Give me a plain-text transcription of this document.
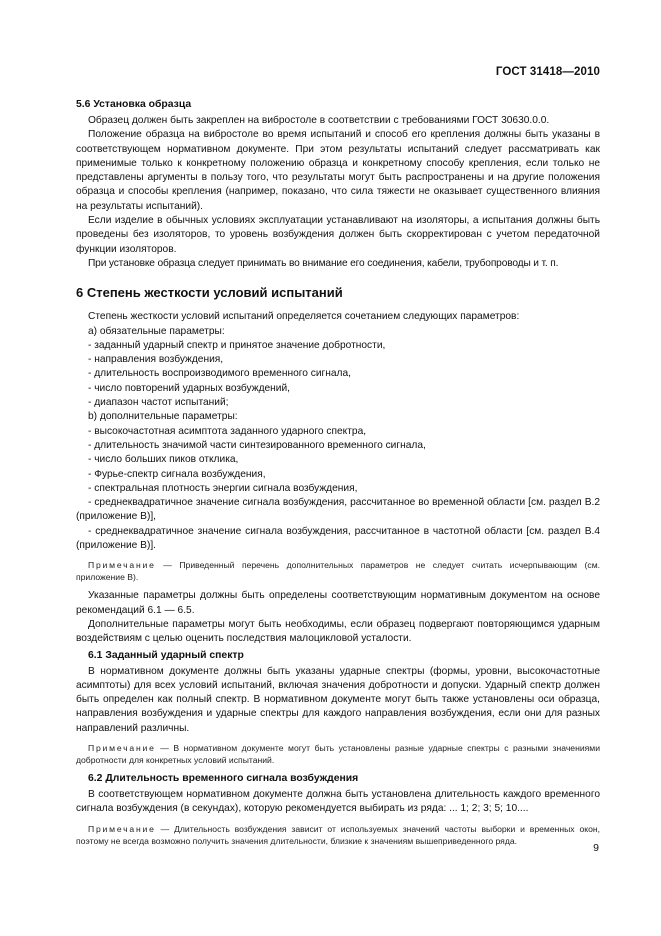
ГОСТ 31418—2010
5.6 Установка образца

Образец должен быть закреплен на вибростоле в соответствии с требованиями ГОСТ 30630.0.0.

Положение образца на вибростоле во время испытаний и способ его крепления должны быть указаны в соответствующем нормативном документе. При этом результаты испытаний следует рассматривать как применимые только к конкретному положению образца и конкретному способу крепления, если только не представлены аргументы в пользу того, что результаты могут быть распространены и на другие положения образца и способы крепления (например, показано, что сила тяжести не оказывает существенного влияния на результаты испытаний).

Если изделие в обычных условиях эксплуатации устанавливают на изоляторы, а испытания должны быть проведены без изоляторов, то уровень возбуждения должен быть скорректирован с учетом передаточной функции изоляторов.

При установке образца следует принимать во внимание его соединения, кабели, трубопроводы и т. п.

6 Степень жесткости условий испытаний

Степень жесткости условий испытаний определяется сочетанием следующих параметров:

а) обязательные параметры:

- заданный ударный спектр и принятое значение добротности,

- направления возбуждения,

- длительность воспроизводимого временного сигнала,

- число повторений ударных возбуждений,

- диапазон частот испытаний;

b) дополнительные параметры:

- высокочастотная асимптота заданного ударного спектра,

- длительность значимой части синтезированного временного сигнала,

- число больших пиков отклика,

- Фурье-спектр сигнала возбуждения,

- спектральная плотность энергии сигнала возбуждения,

- среднеквадратичное значение сигнала возбуждения, рассчитанное во временной области [см. раздел В.2 (приложение В)],

- среднеквадратичное значение сигнала возбуждения, рассчитанное в частотной области [см. раздел В.4 (приложение В)].

Примечание — Приведенный перечень дополнительных параметров не следует считать исчерпывающим (см. приложение В).

Указанные параметры должны быть определены соответствующим нормативным документом на основе рекомендаций 6.1 — 6.5.

Дополнительные параметры могут быть необходимы, если образец подвергают повторяющимся ударным воздействиям с целью оценить последствия малоцикловой усталости.

6.1 Заданный ударный спектр

В нормативном документе должны быть указаны ударные спектры (формы, уровни, высокочастотные асимптоты) для всех условий испытаний, включая значения добротности и допуски. Ударный спектр должен быть определен как полный спектр. В нормативном документе могут быть также установлены оси образца, направления возбуждения и ударные спектры для каждого направления возбуждения, если они для разных направлений различны.

Примечание — В нормативном документе могут быть установлены разные ударные спектры с разными значениями добротности для конкретных условий испытаний.

6.2 Длительность временного сигнала возбуждения

В соответствующем нормативном документе должна быть установлена длительность каждого временного сигнала возбуждения (в секундах), которую рекомендуется выбирать из ряда: ... 1; 2; 3; 5; 10....

Примечание — Длительность возбуждения зависит от используемых значений частоты выборки и временных окон, поэтому не всегда возможно получить значения длительности, близкие к значениям вышеприведенного ряда.

9
